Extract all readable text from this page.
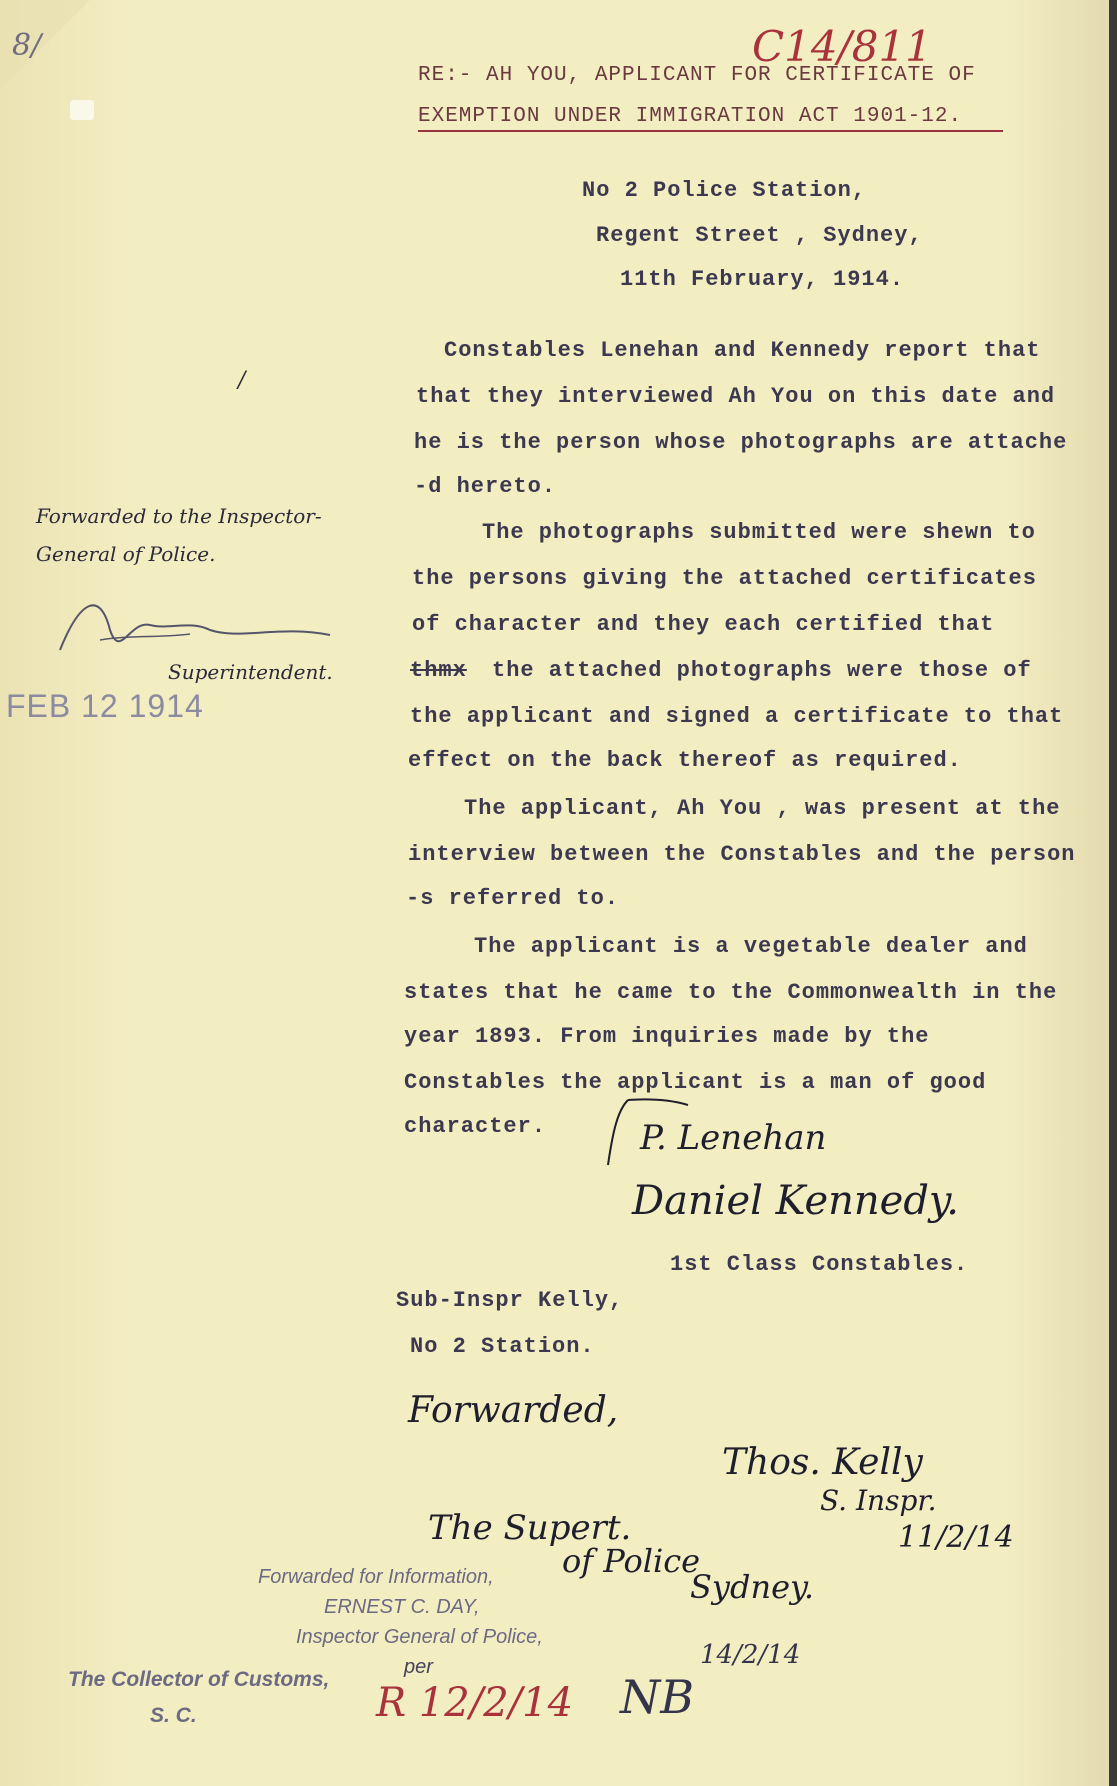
8/
/
C14/811
RE:- AH YOU, APPLICANT FOR CERTIFICATE OF
EXEMPTION UNDER IMMIGRATION ACT 1901-12.
No 2 Police Station,
Regent Street , Sydney,
11th February, 1914.
Constables Lenehan and Kennedy report that
that they interviewed Ah You on this date and
he is the person whose photographs are attache
-d hereto.
The photographs submitted were shewn to
the persons giving the attached certificates
of character and they each certified that
thmx the attached photographs were those of
the applicant and signed a certificate to that
effect on the back thereof as required.
The applicant, Ah You , was present at the
interview between the Constables and the person
-s referred to.
The applicant is a vegetable dealer and
states that he came to the Commonwealth in the
year 1893. From inquiries made by the
Constables the applicant is a man of good
character.
Forwarded to the Inspector-
General of Police.
Superintendent.
FEB 12 1914
P. Lenehan
Daniel Kennedy.
1st Class Constables.
Sub-Inspr Kelly,
No 2 Station.
Forwarded,
Thos. Kelly
S. Inspr.
11/2/14
The Supert.
of Police
Sydney.
Forwarded for Information,
ERNEST C. DAY,
Inspector General of Police,
per
The Collector of Customs,
S. C.	R 12/2/14 NB
14/2/14
